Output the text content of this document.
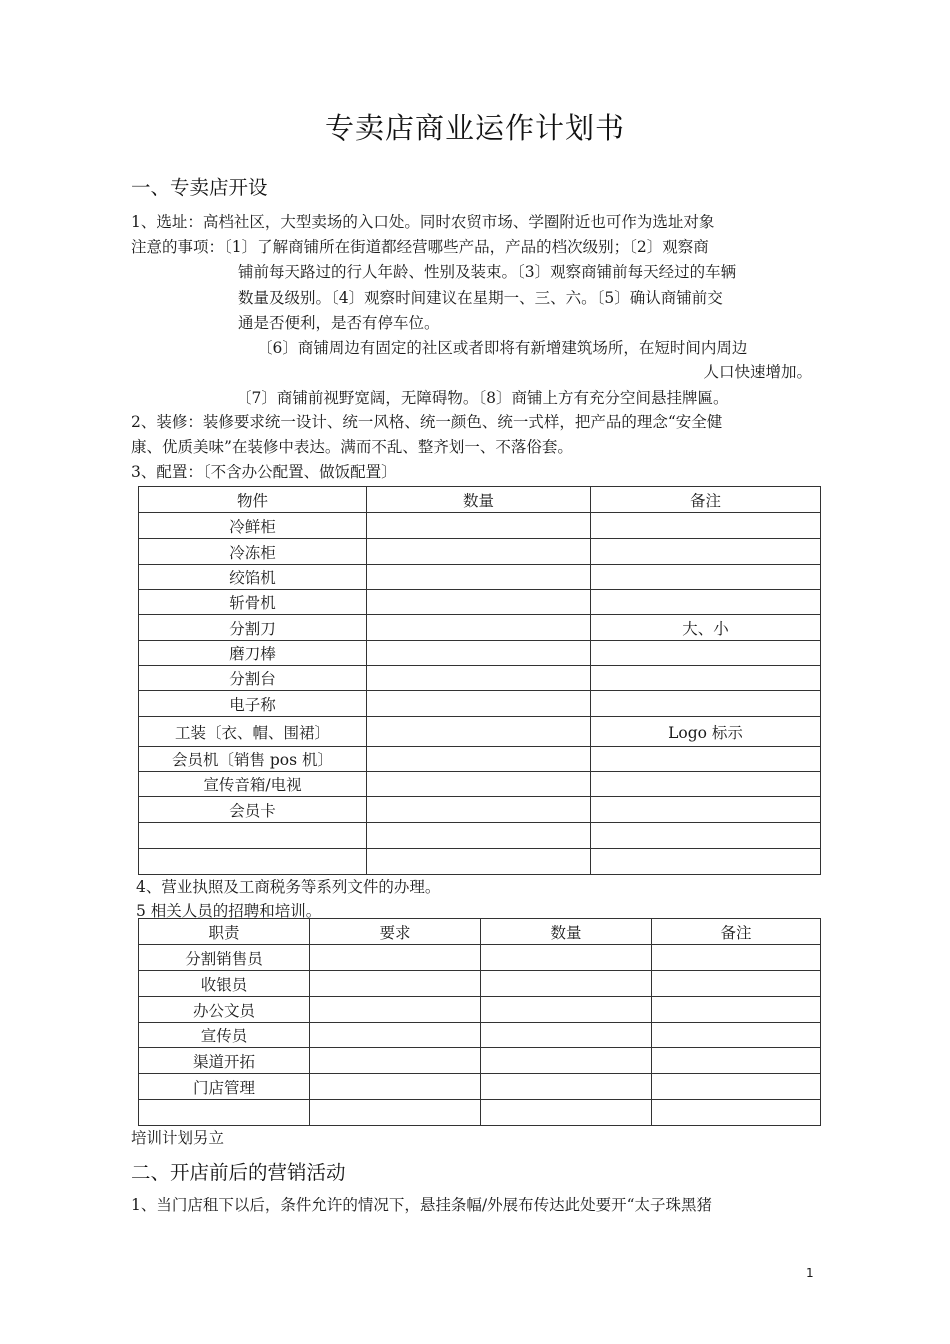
专卖店商业运作计划书
一、专卖店开设
1、选址：高档社区，大型卖场的入口处。同时农贸市场、学圈附近也可作为选址对象
注意的事项：〔1〕了解商铺所在街道都经营哪些产品，产品的档次级别；〔2〕观察商
铺前每天路过的行人年龄、性别及装束。〔3〕观察商铺前每天经过的车辆
数量及级别。〔4〕观察时间建议在星期一、三、六。〔5〕确认商铺前交
通是否便利，是否有停车位。
〔6〕商铺周边有固定的社区或者即将有新增建筑场所，在短时间内周边
人口快速增加。
〔7〕商铺前视野宽阔，无障碍物。〔8〕商铺上方有充分空间悬挂牌匾。
2、装修：装修要求统一设计、统一风格、统一颜色、统一式样，把产品的理念“安全健
康、优质美味”在装修中表达。满而不乱、整齐划一、不落俗套。
3、配置：〔不含办公配置、做饭配置〕
物件	数量	备注
冷鲜柜		
冷冻柜		
绞馅机		
斩骨机		
分割刀		大、小
磨刀棒		
分割台		
电子称		
工装〔衣、帽、围裙〕		Logo 标示
会员机〔销售 pos 机〕		
宣传音箱/电视		
会员卡		

4、营业执照及工商税务等系列文件的办理。
5 相关人员的招聘和培训。
职责	要求	数量	备注
分割销售员			
收银员			
办公文员			
宣传员			
渠道开拓			
门店管理			

培训计划另立
二、开店前后的营销活动
1、当门店租下以后，条件允许的情况下，悬挂条幅/外展布传达此处要开“太子珠黑猪
1
